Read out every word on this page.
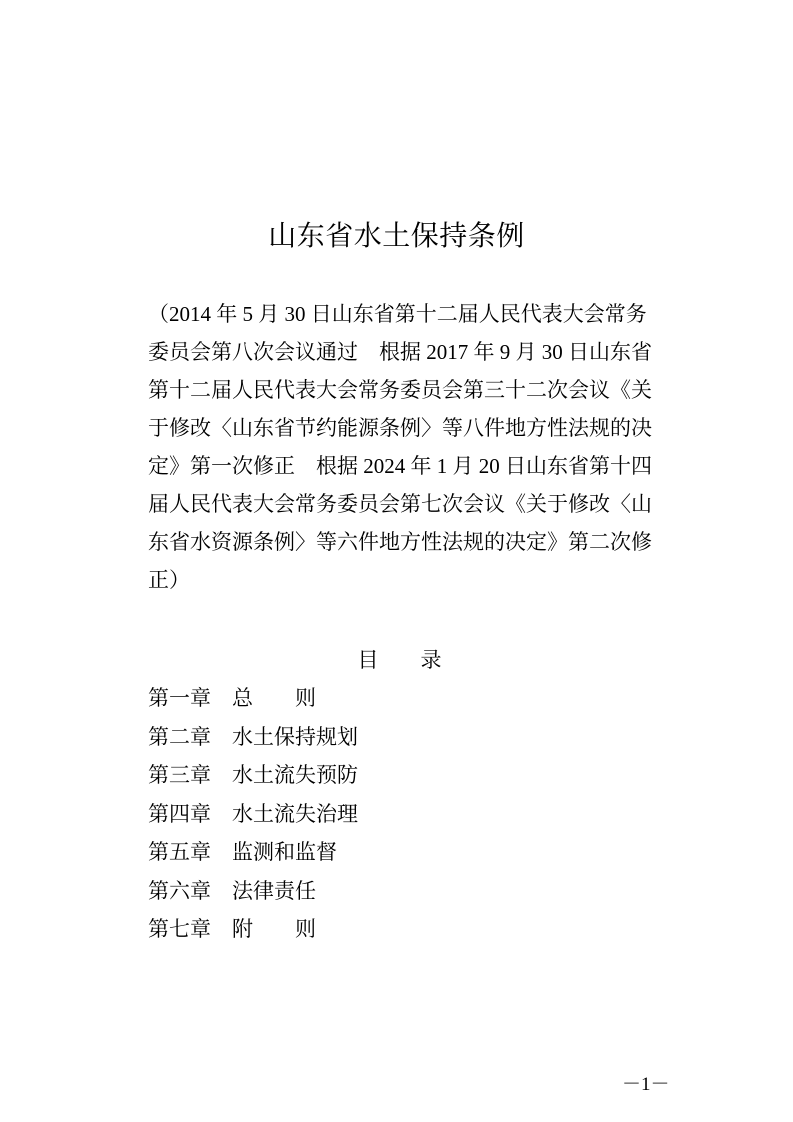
山东省水土保持条例
（2014 年 5 月 30 日山东省第十二届人民代表大会常务
委员会第八次会议通过　根据 2017 年 9 月 30 日山东省
第十二届人民代表大会常务委员会第三十二次会议《关
于修改〈山东省节约能源条例〉等八件地方性法规的决
定》第一次修正　根据 2024 年 1 月 20 日山东省第十四
届人民代表大会常务委员会第七次会议《关于修改〈山
东省水资源条例〉等六件地方性法规的决定》第二次修
正）
目　　录
第一章 总　　则
第二章 水土保持规划
第三章 水土流失预防
第四章 水土流失治理
第五章 监测和监督
第六章 法律责任
第七章 附　　则
－1－
